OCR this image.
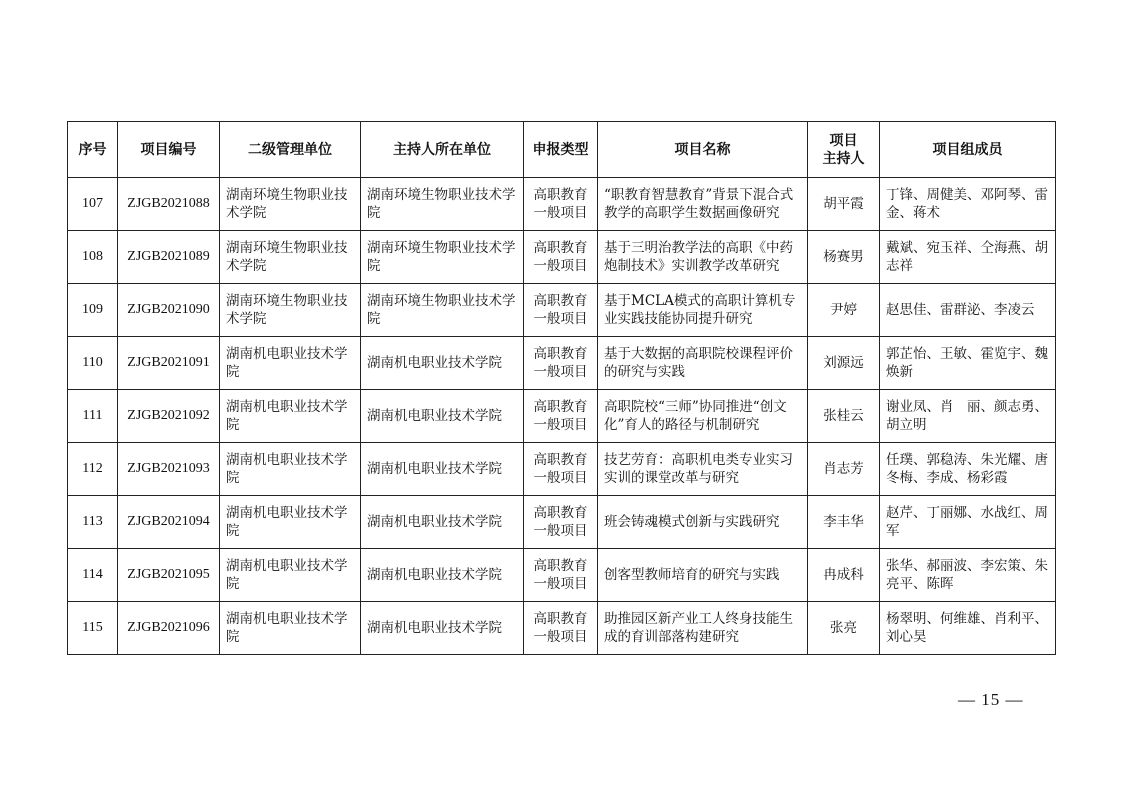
序号	项目编号	二级管理单位	主持人所在单位	申报类型	项目名称	项目
主持人	项目组成员
107	ZJGB2021088	湖南环境生物职业技术学院	湖南环境生物职业技术学院	高职教育一般项目	“职教育智慧教育”背景下混合式教学的高职学生数据画像研究	胡平霞	丁锋、周健美、邓阿琴、雷金、蒋术
108	ZJGB2021089	湖南环境生物职业技术学院	湖南环境生物职业技术学院	高职教育一般项目	基于三明治教学法的高职《中药炮制技术》实训教学改革研究	杨赛男	戴斌、宛玉祥、仝海燕、胡志祥
109	ZJGB2021090	湖南环境生物职业技术学院	湖南环境生物职业技术学院	高职教育一般项目	基于MCLA模式的高职计算机专业实践技能协同提升研究	尹婷	赵思佳、雷群泌、李凌云
110	ZJGB2021091	湖南机电职业技术学院	湖南机电职业技术学院	高职教育一般项目	基于大数据的高职院校课程评价的研究与实践	刘源远	郭芷怡、王敏、霍览宇、魏焕新
111	ZJGB2021092	湖南机电职业技术学院	湖南机电职业技术学院	高职教育一般项目	高职院校“三师”协同推进“创文化”育人的路径与机制研究	张桂云	谢业凤、肖　丽、颜志勇、胡立明
112	ZJGB2021093	湖南机电职业技术学院	湖南机电职业技术学院	高职教育一般项目	技艺劳育：高职机电类专业实习实训的课堂改革与研究	肖志芳	任璞、郭稳涛、朱光耀、唐冬梅、李成、杨彩霞
113	ZJGB2021094	湖南机电职业技术学院	湖南机电职业技术学院	高职教育一般项目	班会铸魂模式创新与实践研究	李丰华	赵芹、丁丽娜、水战红、周军
114	ZJGB2021095	湖南机电职业技术学院	湖南机电职业技术学院	高职教育一般项目	创客型教师培育的研究与实践	冉成科	张华、郝丽波、李宏策、朱亮平、陈晖
115	ZJGB2021096	湖南机电职业技术学院	湖南机电职业技术学院	高职教育一般项目	助推园区新产业工人终身技能生成的育训部落构建研究	张亮	杨翠明、何维雄、肖利平、刘心昊
— 15 —
